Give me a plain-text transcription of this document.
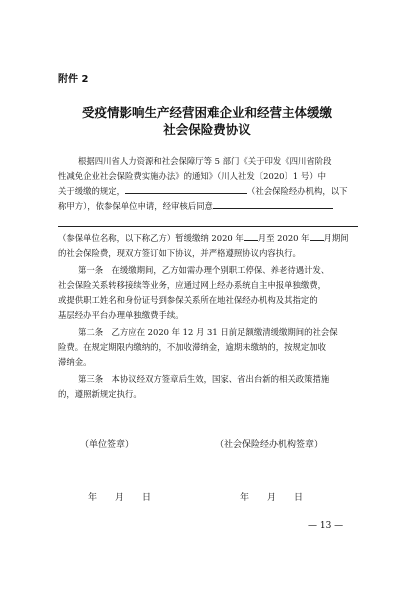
附件 2
受疫情影响生产经营困难企业和经营主体缓缴
社会保险费协议
根据四川省人力资源和社会保障厅等 5 部门《关于印发《四川省阶段
性减免企业社会保险费实施办法》的通知》（川人社发〔2020〕1 号）中
关于缓缴的规定，	（社会保险经办机构，以下
称甲方），依参保单位申请，经审核后同意
（参保单位名称，以下称乙方）暂缓缴纳 2020 年 月至 2020 年 月期间
的社会保险费，现双方签订如下协议，并严格遵照协议内容执行。
第一条　在缓缴期间，乙方如需办理个别职工停保、养老待遇计发、
社会保险关系转移接续等业务，应通过网上经办系统自主申报单独缴费，
或提供职工姓名和身份证号到参保关系所在地社保经办机构及其指定的
基层经办平台办理单独缴费手续。
第二条　乙方应在 2020 年 12 月 31 日前足额缴清缓缴期间的社会保
险费。在规定期限内缴纳的，不加收滞纳金，逾期未缴纳的，按规定加收
滞纳金。
第三条　本协议经双方签章后生效，国家、省出台新的相关政策措施
的，遵照新规定执行。
（单位签章）	（社会保险经办机构签章）
年　　月　　日	年　　月　　日
— 13 —
